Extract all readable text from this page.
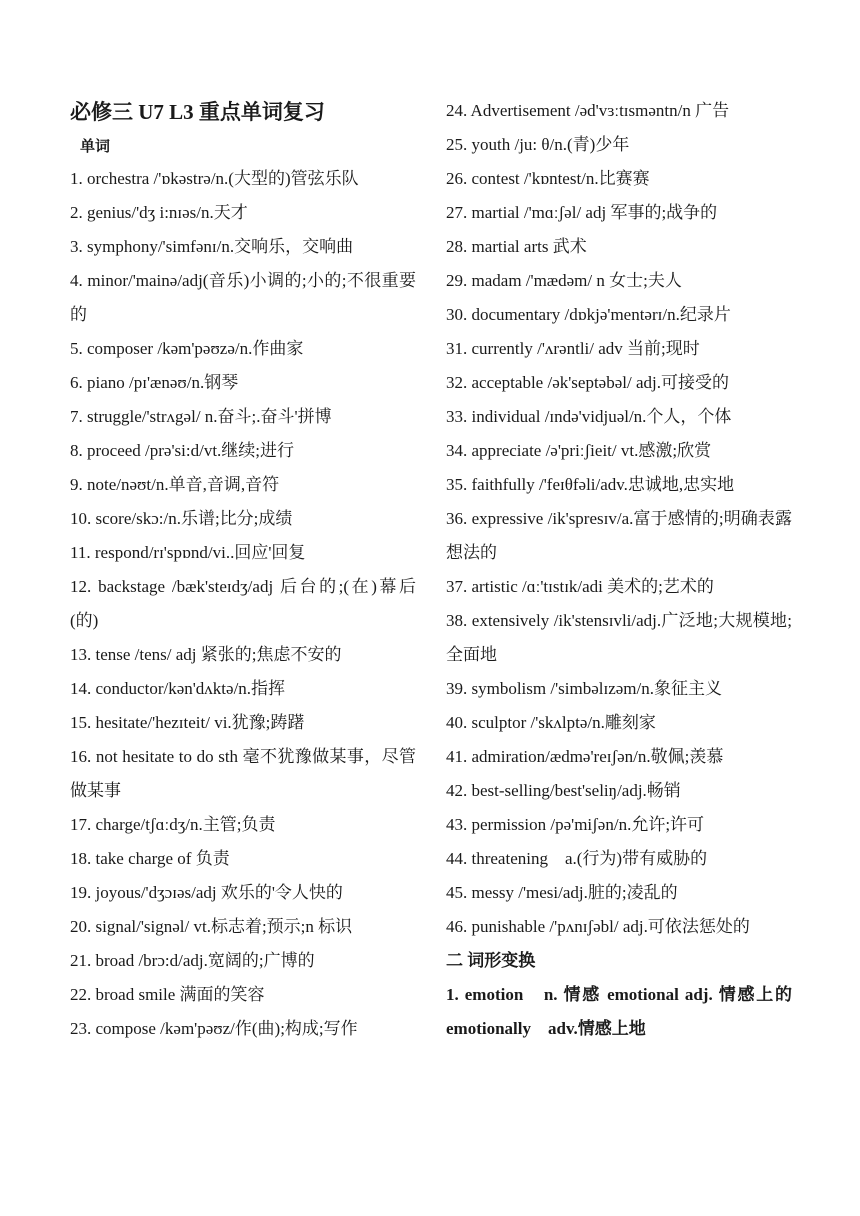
必修三 U7 L3 重点单词复习
单词
1. orchestra /'ɒkəstrə/n.(大型的)管弦乐队
2. genius/'dʒ i:nɪəs/n.天才
3. symphony/'simfənɪ/n.交响乐，交响曲
4. minor/'mainə/adj(音乐)小调的;小的;不很重要的
5. composer /kəm'pəʊzə/n.作曲家
6. piano /pɪ'ænəʊ/n.钢琴
7. struggle/'strʌgəl/ n.奋斗;.奋斗'拼博
8. proceed /prə'si:d/vt.继续;进行
9. note/nəʊt/n.单音,音调,音符
10. score/skɔ:/n.乐谱;比分;成绩
11. respond/rɪ'spɒnd/vi..回应'回复
12. backstage /bæk'steɪdʒ/adj 后台的;(在)幕后(的)
13. tense /tens/ adj 紧张的;焦虑不安的
14. conductor/kən'dʌktə/n.指挥
15. hesitate/'hezɪteit/ vi.犹豫;踌躇
16. not hesitate to do sth 毫不犹豫做某事，尽管做某事
17. charge/tʃɑːdʒ/n.主管;负责
18. take charge of 负责
19. joyous/'dʒɔɪəs/adj 欢乐的'令人快的
20. signal/'signəl/ vt.标志着;预示;n 标识
21. broad /brɔ:d/adj.宽阔的;广博的
22. broad smile 满面的笑容
23. compose /kəm'pəʊz/作(曲);构成;写作
24. Advertisement /əd'vɜːtɪsməntn/n 广告
25. youth /ju: θ/n.(青)少年
26. contest /'kɒntest/n.比赛赛
27. martial /'mɑːʃəl/ adj 军事的;战争的
28. martial arts 武术
29. madam /'mædəm/ n 女士;夫人
30. documentary /dɒkjə'mentərɪ/n.纪录片
31. currently /'ʌrəntli/ adv 当前;现时
32. acceptable /ək'septəbəl/ adj.可接受的
33. individual /ɪndə'vidjuəl/n.个人，个体
34. appreciate /ə'priːʃieit/ vt.感激;欣赏
35. faithfully /'feɪθfəli/adv.忠诚地,忠实地
36. expressive /ik'spresɪv/a.富于感情的;明确表露想法的
37. artistic /ɑː'tɪstɪk/adi 美术的;艺术的
38. extensively /ik'stensɪvli/adj.广泛地;大规模地;全面地
39. symbolism /'simbəlɪzəm/n.象征主义
40. sculptor /'skʌlptə/n.雕刻家
41. admiration/ædmə'reɪʃən/n.敬佩;羡慕
42. best-selling/best'seliŋ/adj.畅销
43. permission /pə'miʃən/n.允许;许可
44. threatening　a.(行为)带有威胁的
45. messy /'mesi/adj.脏的;凌乱的
46. punishable /'pʌnɪʃəbl/ adj.可依法惩处的
二 词形变换
1. emotion　n. 情感 emotional adj. 情感上的 emotionally　adv.情感上地
